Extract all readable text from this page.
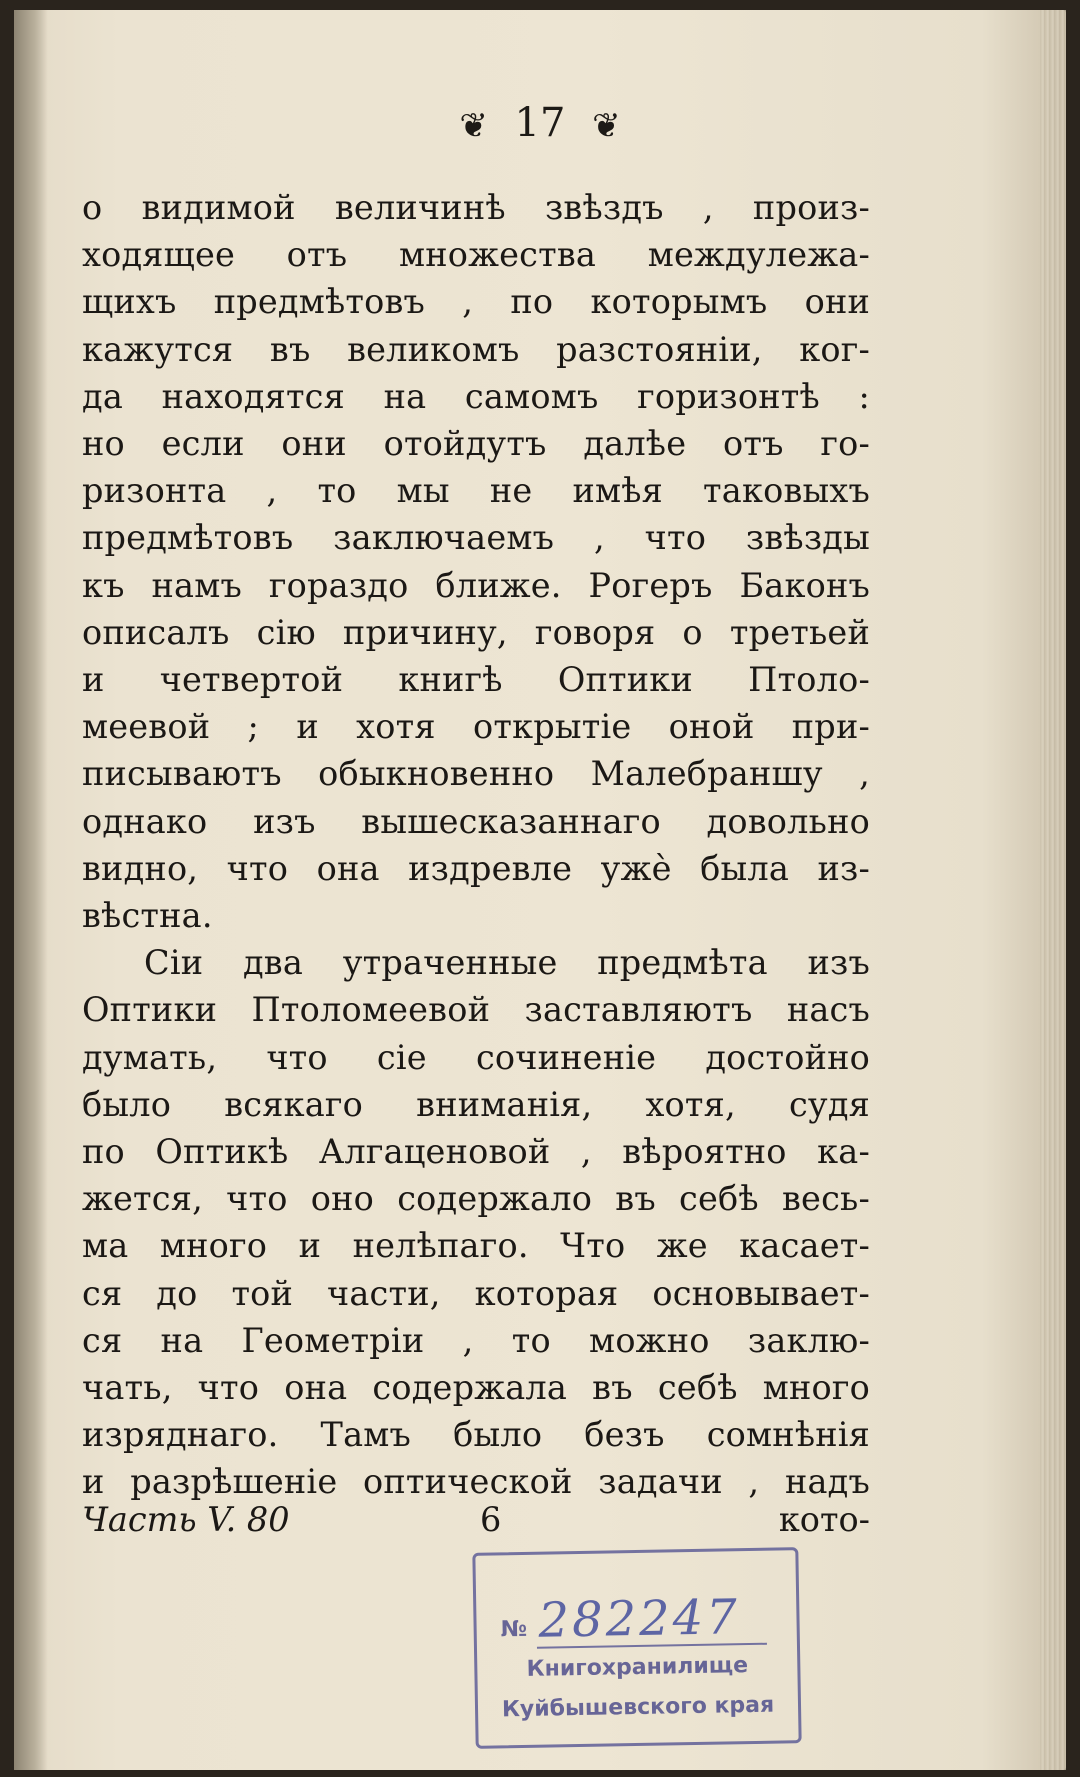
❦ 17 ❦
о видимой величинѣ звѣздъ , произ-
ходящее отъ множества междулежа-
щихъ предмѣтовъ , по которымъ они
кажутся въ великомъ разстояніи, ког-
да находятся на самомъ горизонтѣ :
но если они отойдутъ далѣе отъ го-
ризонта , то мы не имѣя таковыхъ
предмѣтовъ заключаемъ , что звѣзды
къ намъ гораздо ближе. Рогеръ Баконъ
описалъ сію причину, говоря о третьей
и четвертой книгѣ Оптики Птоло-
меевой ; и хотя открытіе оной при-
писываютъ обыкновенно Малебраншу ,
однако изъ вышесказаннаго довольно
видно, что она издревле ужѐ была из-
вѣстна.
Сіи два утраченные предмѣта изъ
Оптики Птоломеевой заставляютъ насъ
думать, что сіе сочиненіе достойно
было всякаго вниманія, хотя, судя
по Оптикѣ Алгаценовой , вѣроятно ка-
жется, что оно содержало въ себѣ весь-
ма много и нелѣпаго. Что же касает-
ся до той части, которая основывает-
ся на Геометріи , то можно заклю-
чать, что она содержала въ себѣ много
изряднаго. Тамъ было безъ сомнѣнія
и разрѣшеніе оптической задачи , надъ
Часть V. 80	6	кото-
№ 282247
Книгохранилище
Куйбышевского края
